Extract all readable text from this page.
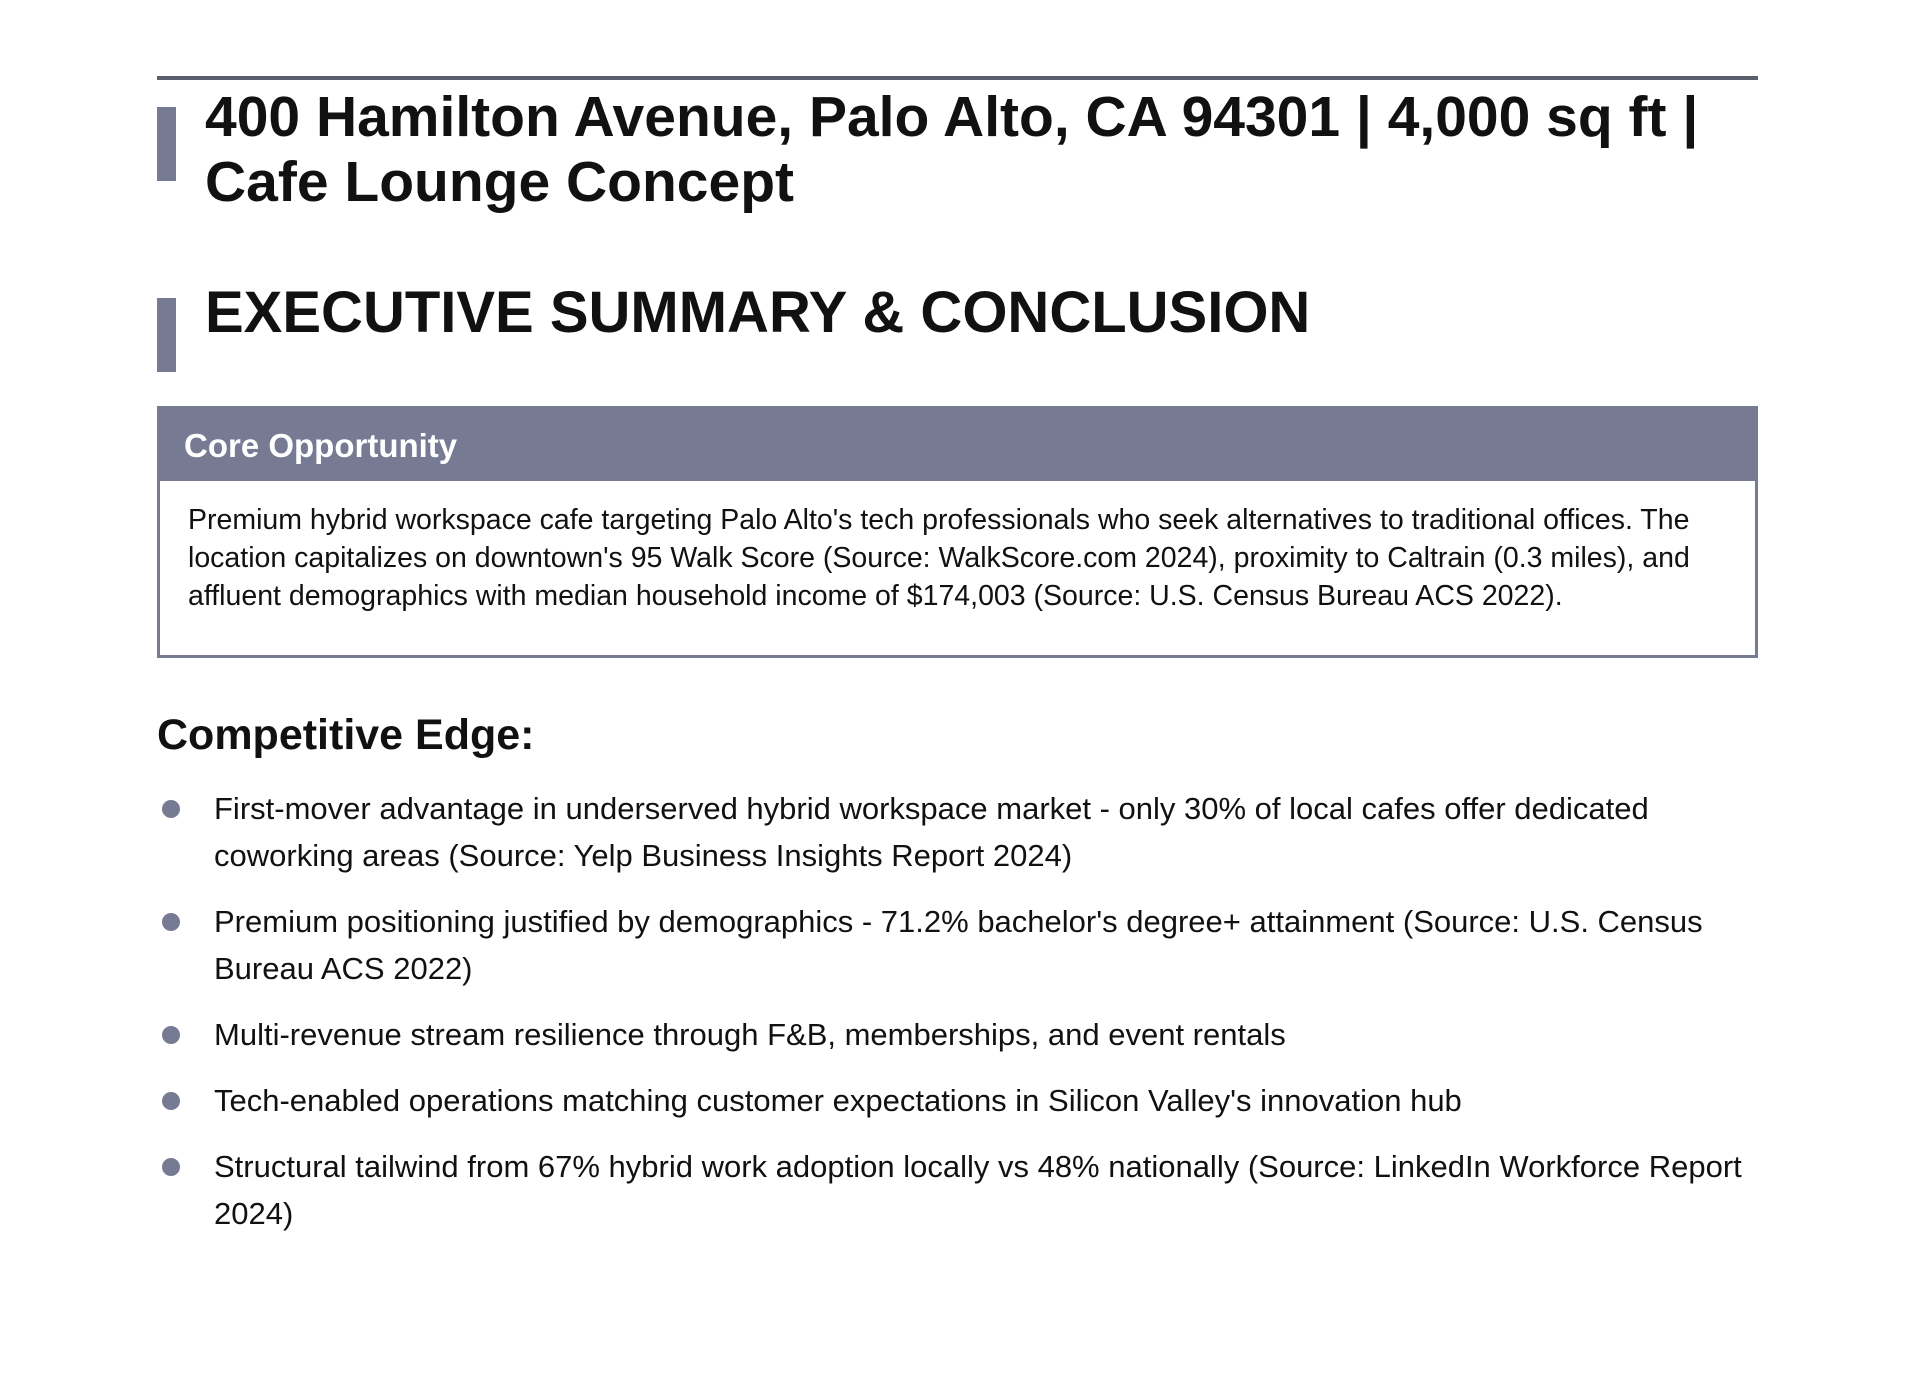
400 Hamilton Avenue, Palo Alto, CA 94301 | 4,000 sq ft | Cafe Lounge Concept
EXECUTIVE SUMMARY & CONCLUSION
Core Opportunity
Premium hybrid workspace cafe targeting Palo Alto's tech professionals who seek alternatives to traditional offices. The location capitalizes on downtown's 95 Walk Score (Source: WalkScore.com 2024), proximity to Caltrain (0.3 miles), and affluent demographics with median household income of $174,003 (Source: U.S. Census Bureau ACS 2022).
Competitive Edge:
First-mover advantage in underserved hybrid workspace market - only 30% of local cafes offer dedicated coworking areas (Source: Yelp Business Insights Report 2024)
Premium positioning justified by demographics - 71.2% bachelor's degree+ attainment (Source: U.S. Census Bureau ACS 2022)
Multi-revenue stream resilience through F&B, memberships, and event rentals
Tech-enabled operations matching customer expectations in Silicon Valley's innovation hub
Structural tailwind from 67% hybrid work adoption locally vs 48% nationally (Source: LinkedIn Workforce Report 2024)
